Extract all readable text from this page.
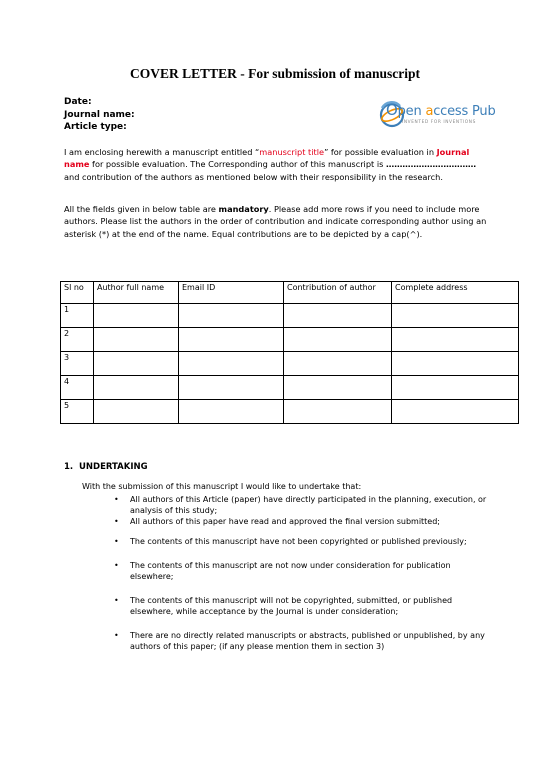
COVER LETTER - For submission of manuscript
Date:
Journal name:
Article type:
Open access Pub
INVENTED FOR INVENTIONS
I am enclosing herewith a manuscript entitled “manuscript title” for possible evaluation in Journal name for possible evaluation. The Corresponding author of this manuscript is …………………………… and contribution of the authors as mentioned below with their responsibility in the research.
All the fields given in below table are mandatory. Please add more rows if you need to include more authors. Please list the authors in the order of contribution and indicate corresponding author using an asterisk (*) at the end of the name. Equal contributions are to be depicted by a cap(^).
Sl no	Author full name	Email ID	Contribution of author	Complete address
1				
2				
3				
4				
5				
1. UNDERTAKING
With the submission of this manuscript I would like to undertake that:
• All authors of this Article (paper) have directly participated in the planning, execution, or analysis of this study;
• All authors of this paper have read and approved the final version submitted;
• The contents of this manuscript have not been copyrighted or published previously;
• The contents of this manuscript are not now under consideration for publication elsewhere;
• The contents of this manuscript will not be copyrighted, submitted, or published elsewhere, while acceptance by the Journal is under consideration;
• There are no directly related manuscripts or abstracts, published or unpublished, by any authors of this paper; (if any please mention them in section 3)
